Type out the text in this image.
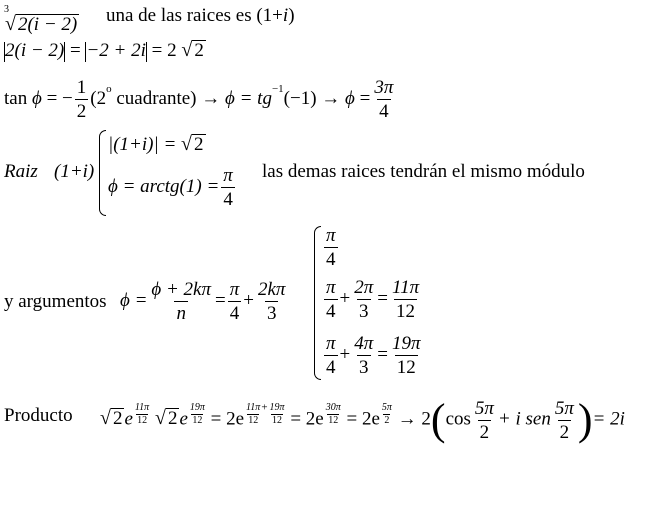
3
√ 2(i − 2) una de las raices es (1+i)
2(i − 2) = −2 + 2i = 2 √ 2
tan ϕ = − $\frac{1}{2} (2o$ cuadrante) → $\phi = tg-1(-1) \to \phi = \frac{3\pi}{4}$
Raiz (1+i)
|(1+i)| = √ 2
ϕ = arctg(1) = $\frac{\pi}{4}$ las demas raices tendrán el mismo módulo
y argumentos $\phi = \frac{\phi + 2k\pi}{n} = \frac{\pi}{4} + \frac{2k\pi}{3}$
$\frac{\pi}{4}$
$\frac{\pi}{4} + \frac{2\pi}{3} = \frac{11\pi}{12}$
$\frac{\pi}{4} + \frac{4\pi}{3} = \frac{19\pi}{12}$
Producto √ 2 e $\frac{11\pi}{12}$
√ 2 e $\frac{19\pi}{12} = 2e \frac{11\pi}{12} ^+ \frac{19\pi}{12} = 2e \frac{30\pi}{12} = 2e \frac{5\pi}{2} \to 2(\cos \frac{5\pi}{2} + i$ sen $\frac{5\pi}{2}$ )= 2i
